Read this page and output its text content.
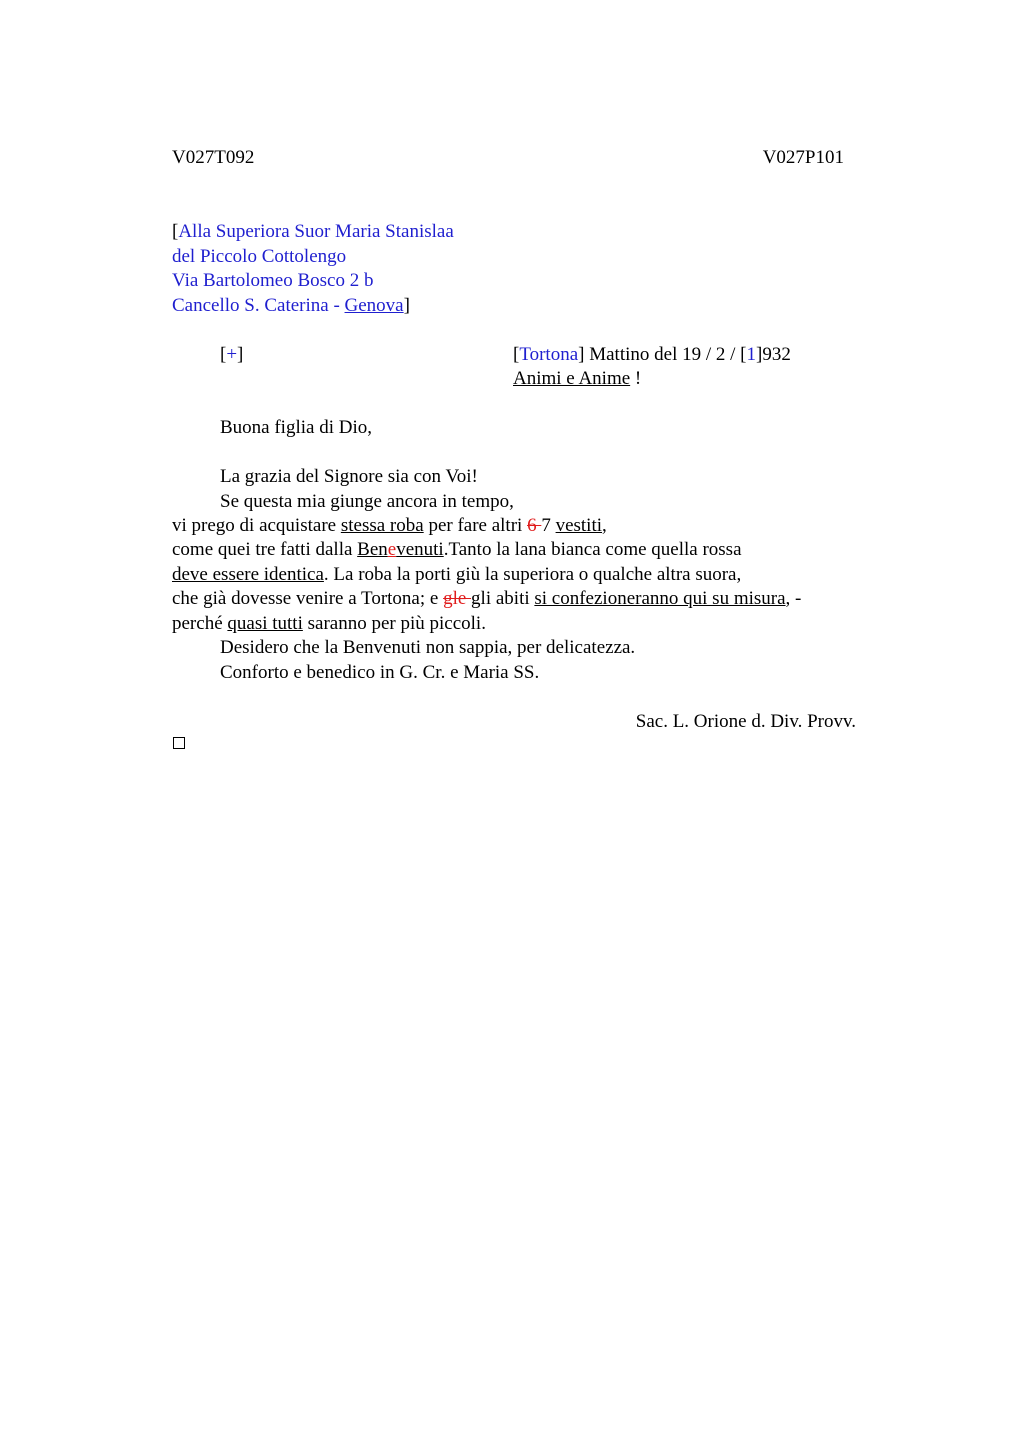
V027T092	V027P101
[Alla Superiora Suor Maria Stanislaa
del Piccolo Cottolengo
Via Bartolomeo Bosco 2 b
Cancello S. Caterina - Genova]
[+]	[Tortona] Mattino del 19 / 2 / [1]932
Animi e Anime !
Buona figlia di Dio,
La grazia del Signore sia con Voi!
Se questa mia giunge ancora in tempo,
vi prego di acquistare stessa roba per fare altri 6 7 vestiti,
come quei tre fatti dalla Benevenuti.Tanto la lana bianca come quella rossa
deve essere identica. La roba la porti giù la superiora o qualche altra suora,
che già dovesse venire a Tortona; e gle gli abiti si confezioneranno qui su misura, -
perché quasi tutti saranno per più piccoli.
Desidero che la Benvenuti non sappia, per delicatezza.
Conforto e benedico in G. Cr. e Maria SS.
Sac. L. Orione d. Div. Provv.
